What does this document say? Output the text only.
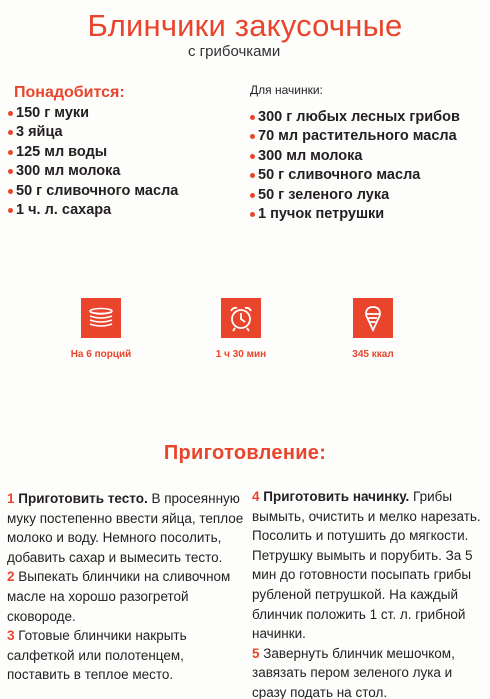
Блинчики закусочные
с грибочками
Понадобится:
150 г муки
3 яйца
125 мл воды
300 мл молока
50 г сливочного масла
1 ч. л. сахара
Для начинки:
300 г любых лесных грибов
70 мл растительного масла
300 мл молока
50 г сливочного масла
50 г зеленого лука
1 пучок петрушки
На 6 порций	1 ч 30 мин	345 ккал
Приготовление:

1 Приготовить тесто. В просеянную муку постепенно ввести яйца, теплое молоко и воду. Немного посолить, добавить сахар и вымесить тесто.

2 Выпекать блинчики на сливочном масле на хорошо разогретой сковороде.

3 Готовые блинчики накрыть салфеткой или полотенцем, поставить в теплое место.

4 Приготовить начинку. Грибы вымыть, очистить и мелко нарезать. Посолить и потушить до мягкости. Петрушку вымыть и порубить. За 5 мин до готовности посыпать грибы рубленой петрушкой. На каждый блинчик положить 1 ст. л. грибной начинки.

5 Завернуть блинчик мешочком, завязать пером зеленого лука и сразу подать на стол.
